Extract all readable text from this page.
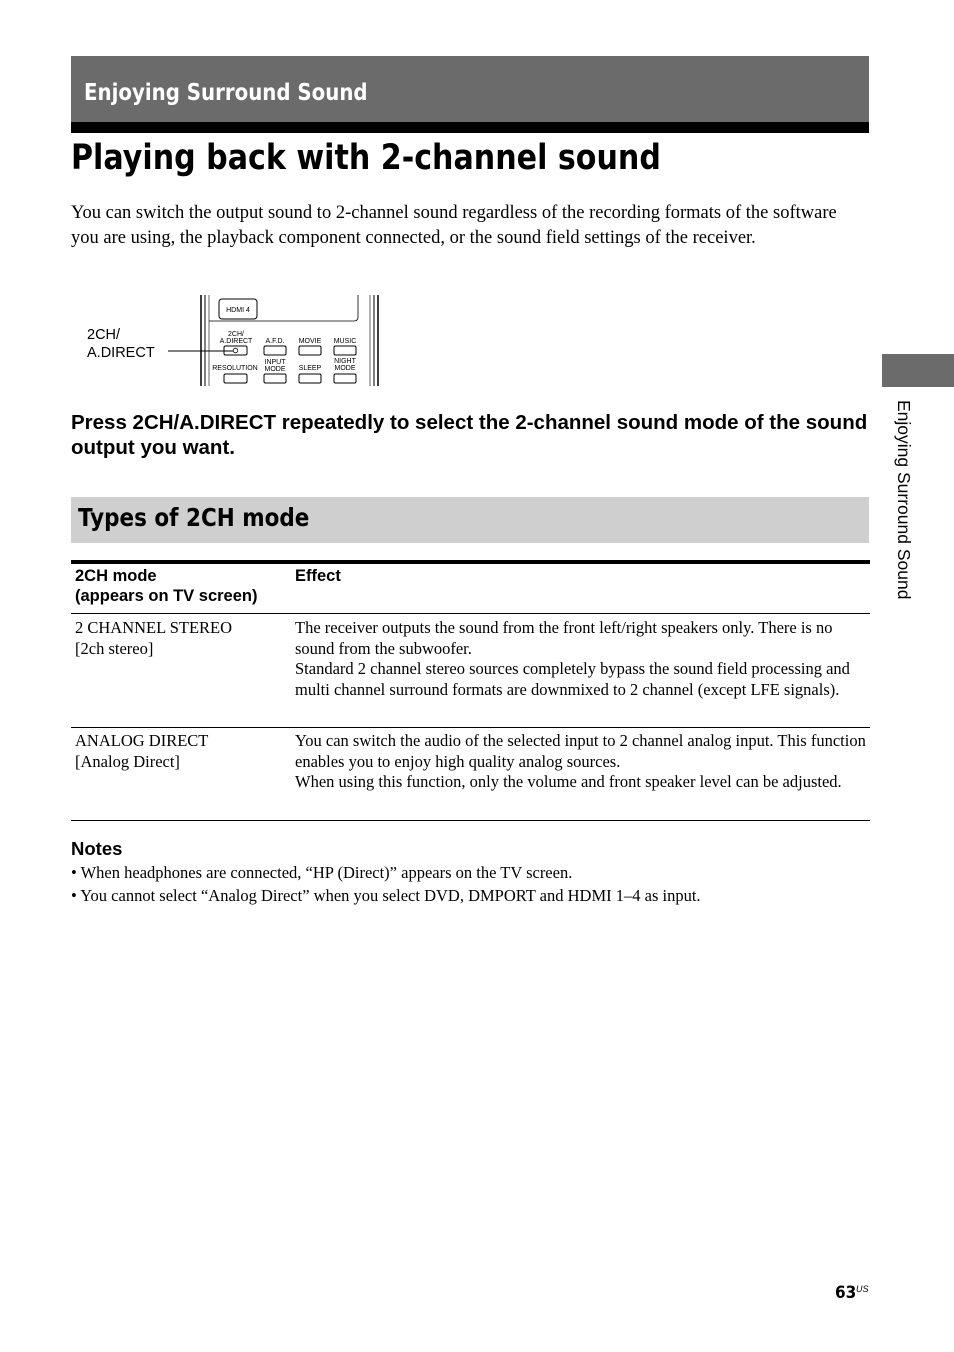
Enjoying Surround Sound
Playing back with 2-channel sound
You can switch the output sound to 2-channel sound regardless of the recording formats of the software you are using, the playback component connected, or the sound field settings of the receiver.
2CH/
A.DIRECT
HDMI 4
2CH/
A.DIRECT A.F.D. MOVIE MUSIC
RESOLUTION
INPUT
MODE SLEEP
NIGHT
MODE
Press 2CH/A.DIRECT repeatedly to select the 2-channel sound mode of the sound output you want.
Types of 2CH mode
2CH mode
(appears on TV screen)
Effect
2 CHANNEL STEREO
[2ch stereo]
The receiver outputs the sound from the front left/right speakers only. There is no sound from the subwoofer.
Standard 2 channel stereo sources completely bypass the sound field processing and multi channel surround formats are downmixed to 2 channel (except LFE signals).
ANALOG DIRECT
[Analog Direct]
You can switch the audio of the selected input to 2 channel analog input. This function enables you to enjoy high quality analog sources.
When using this function, only the volume and front speaker level can be adjusted.
Notes
• When headphones are connected, “HP (Direct)” appears on the TV screen.
• You cannot select “Analog Direct” when you select DVD, DMPORT and HDMI 1–4 as input.
Enjoying Surround Sound
63 US
